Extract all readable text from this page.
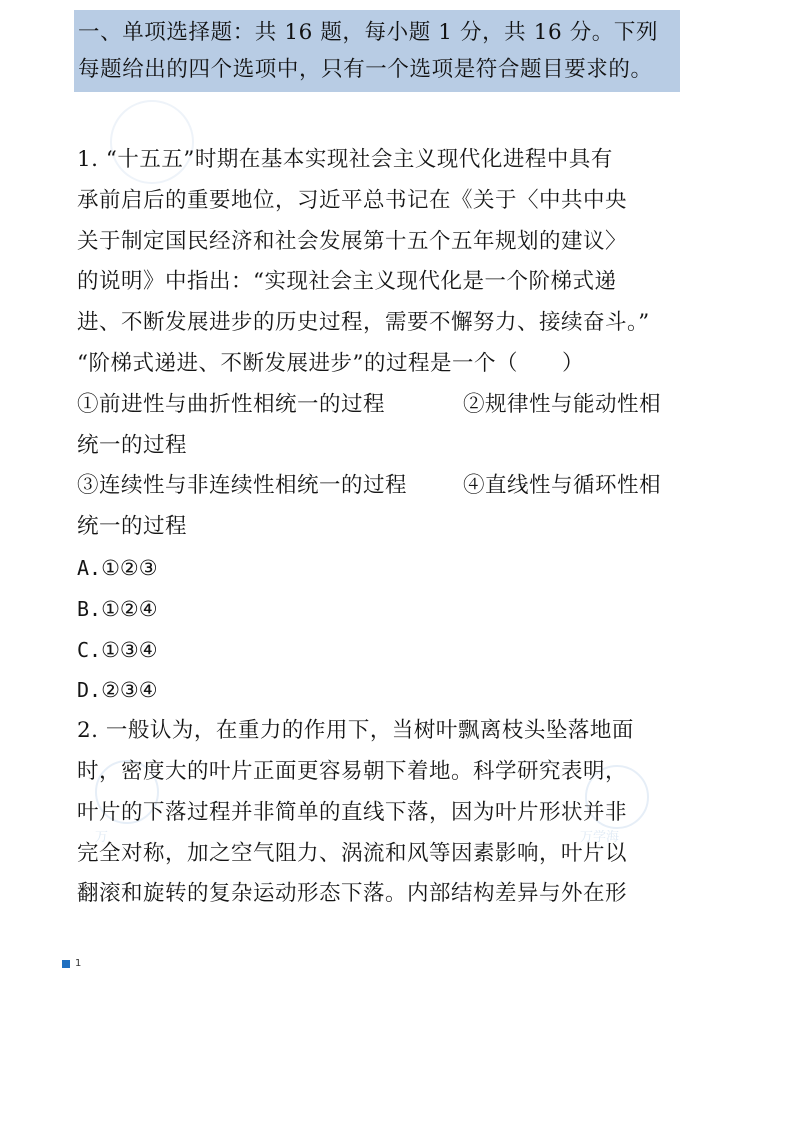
万	万学海
一、单项选择题：共 16 题，每小题 1 分，共 16 分。下列
每题给出的四个选项中，只有一个选项是符合题目要求的。
1. “十五五”时期在基本实现社会主义现代化进程中具有
承前启后的重要地位，习近平总书记在《关于〈中共中央
关于制定国民经济和社会发展第十五个五年规划的建议〉
的说明》中指出：“实现社会主义现代化是一个阶梯式递
进、不断发展进步的历史过程，需要不懈努力、接续奋斗。”
“阶梯式递进、不断发展进步”的过程是一个（　　）
①前进性与曲折性相统一的过程	②规律性与能动性相
统一的过程
③连续性与非连续性相统一的过程	④直线性与循环性相
统一的过程
A.①②③
B.①②④
C.①③④
D.②③④
2. 一般认为，在重力的作用下，当树叶飘离枝头坠落地面
时，密度大的叶片正面更容易朝下着地。科学研究表明，
叶片的下落过程并非简单的直线下落，因为叶片形状并非
完全对称，加之空气阻力、涡流和风等因素影响，叶片以
翻滚和旋转的复杂运动形态下落。内部结构差异与外在形
1
